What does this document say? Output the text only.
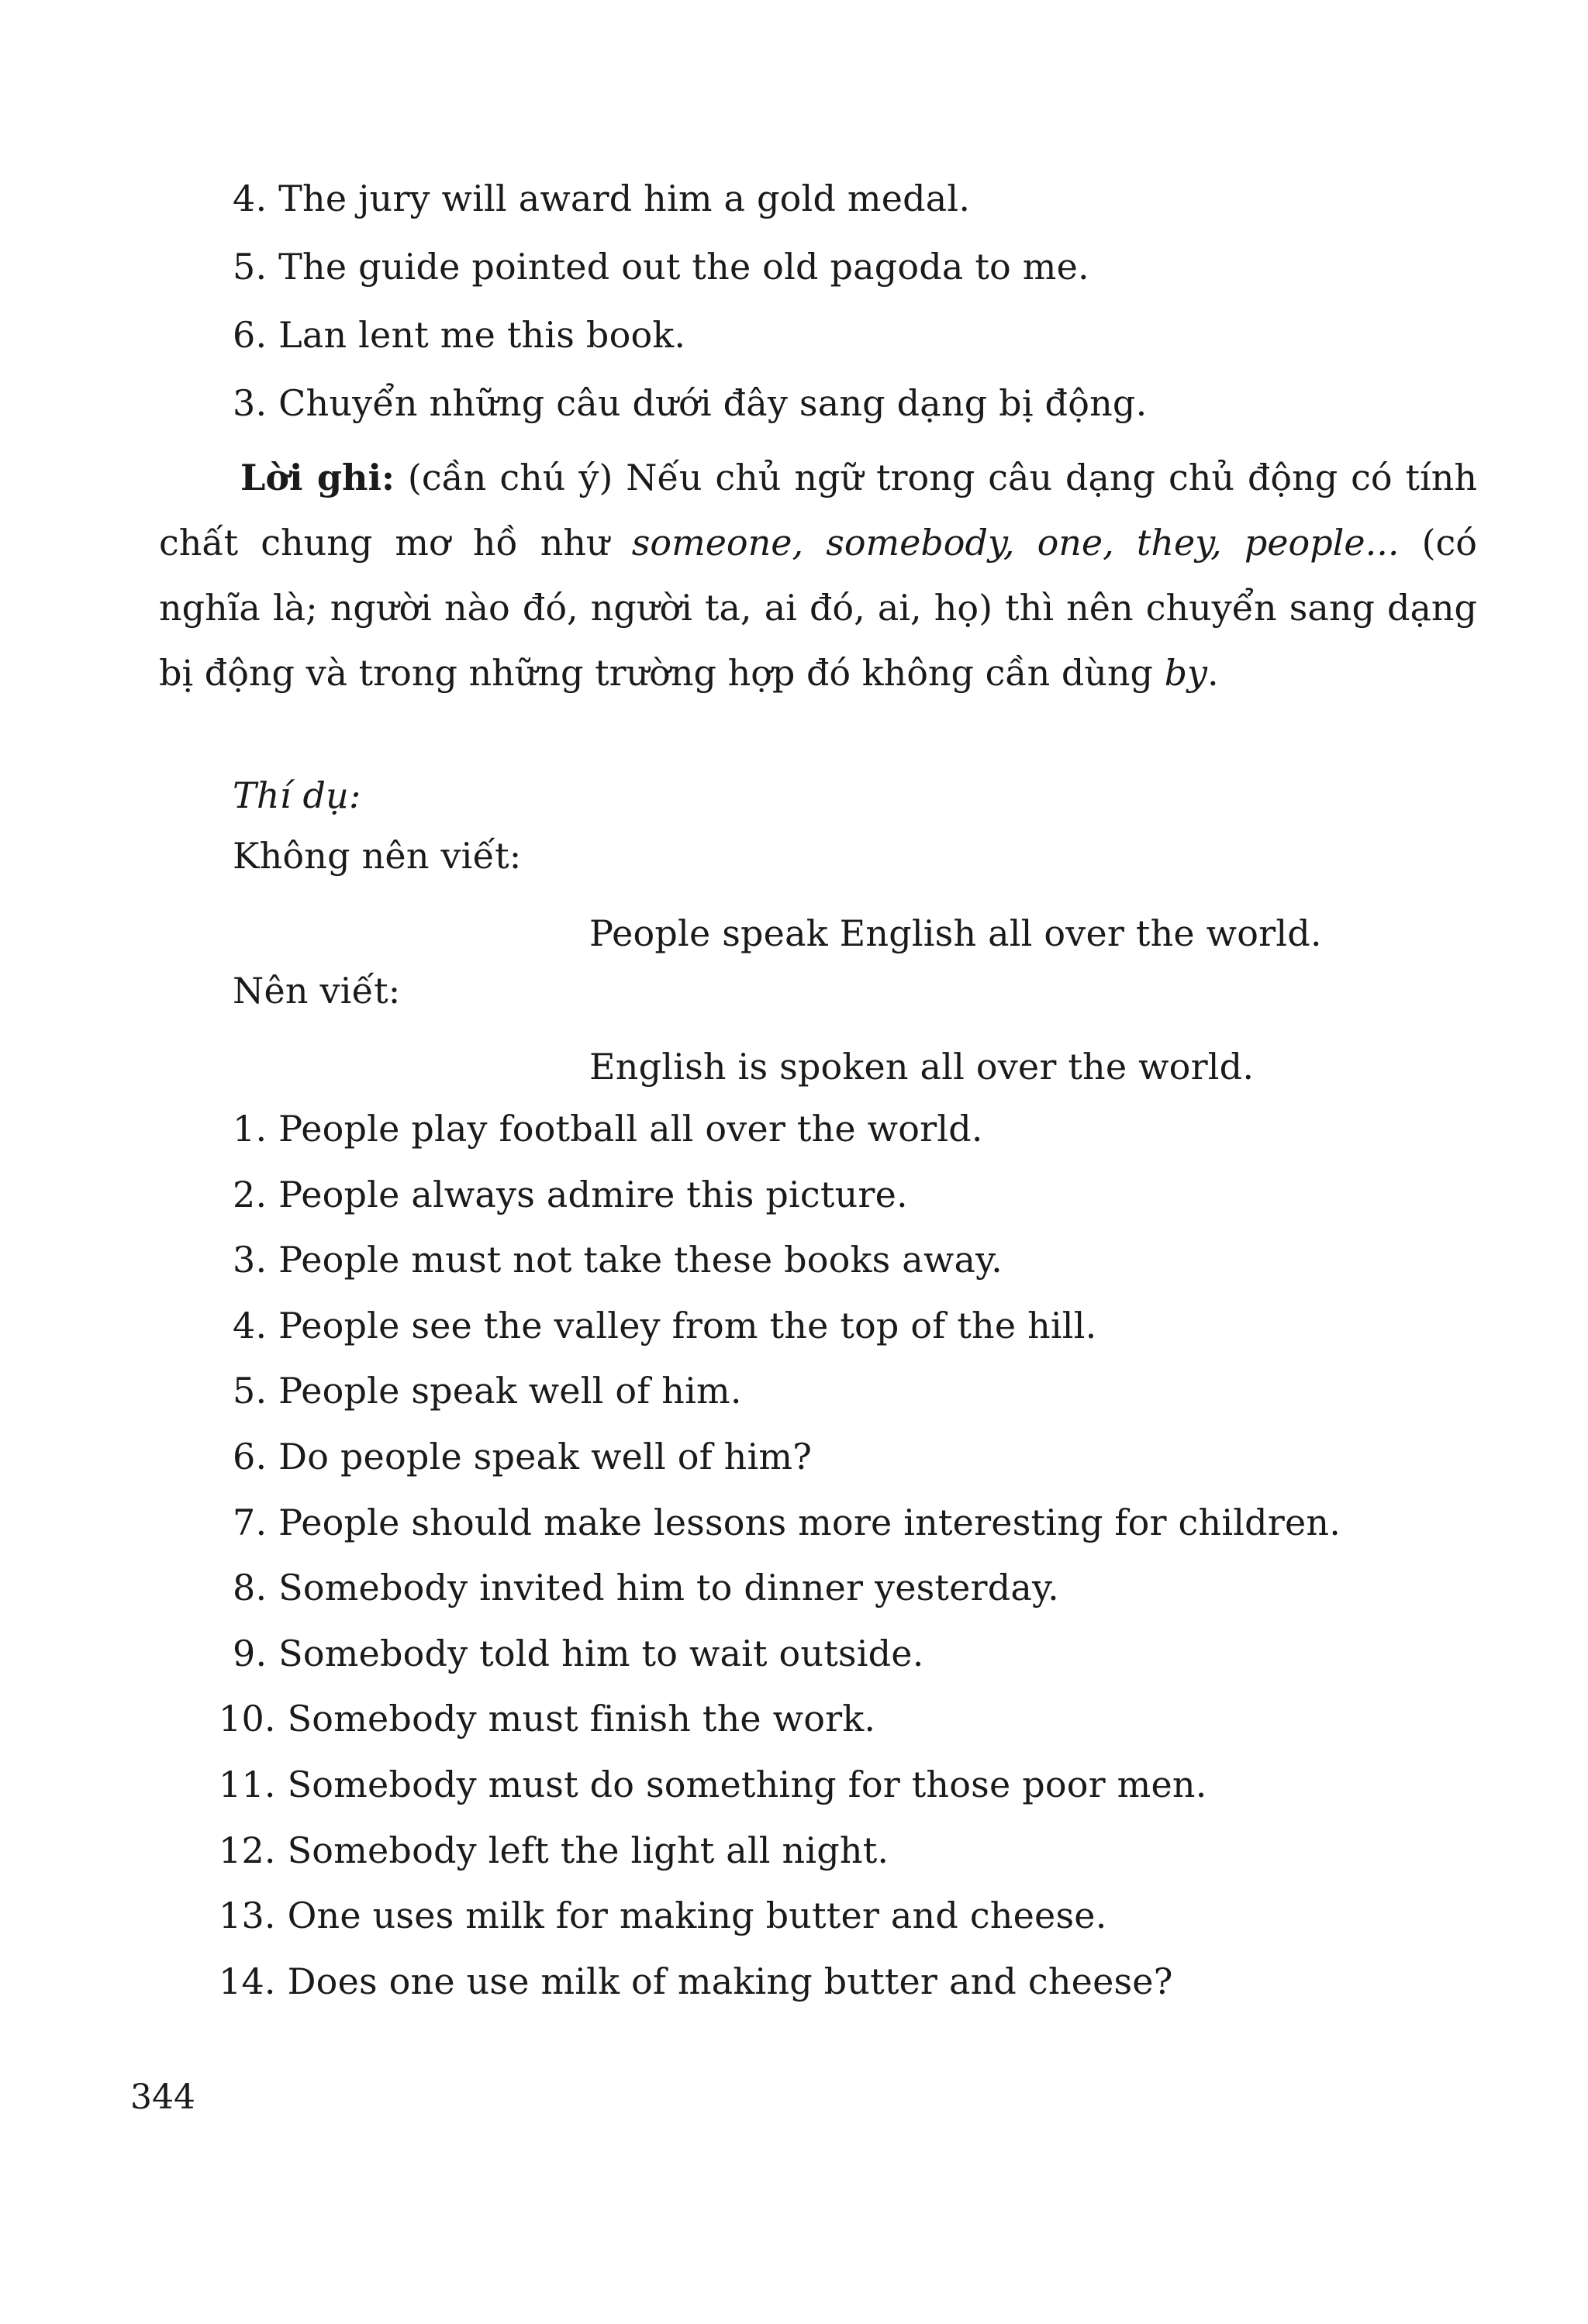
4. The jury will award him a gold medal.
5. The guide pointed out the old pagoda to me.
6. Lan lent me this book.
3. Chuyển những câu dưới đây sang dạng bị động.
Lời ghi: (cần chú ý) Nếu chủ ngữ trong câu dạng chủ động có tính chất chung mơ hồ như someone, somebody, one, they, people... (có nghĩa là; người nào đó, người ta, ai đó, ai, họ) thì nên chuyển sang dạng bị động và trong những trường hợp đó không cần dùng by.
Thí dụ:
Không nên viết:
People speak English all over the world.
Nên viết:
English is spoken all over the world.
1. People play football all over the world.
2. People always admire this picture.
3. People must not take these books away.
4. People see the valley from the top of the hill.
5. People speak well of him.
6. Do people speak well of him?
7. People should make lessons more interesting for children.
8. Somebody invited him to dinner yesterday.
9. Somebody told him to wait outside.
10. Somebody must finish the work.
11. Somebody must do something for those poor men.
12. Somebody left the light all night.
13. One uses milk for making butter and cheese.
14. Does one use milk of making butter and cheese?
344
